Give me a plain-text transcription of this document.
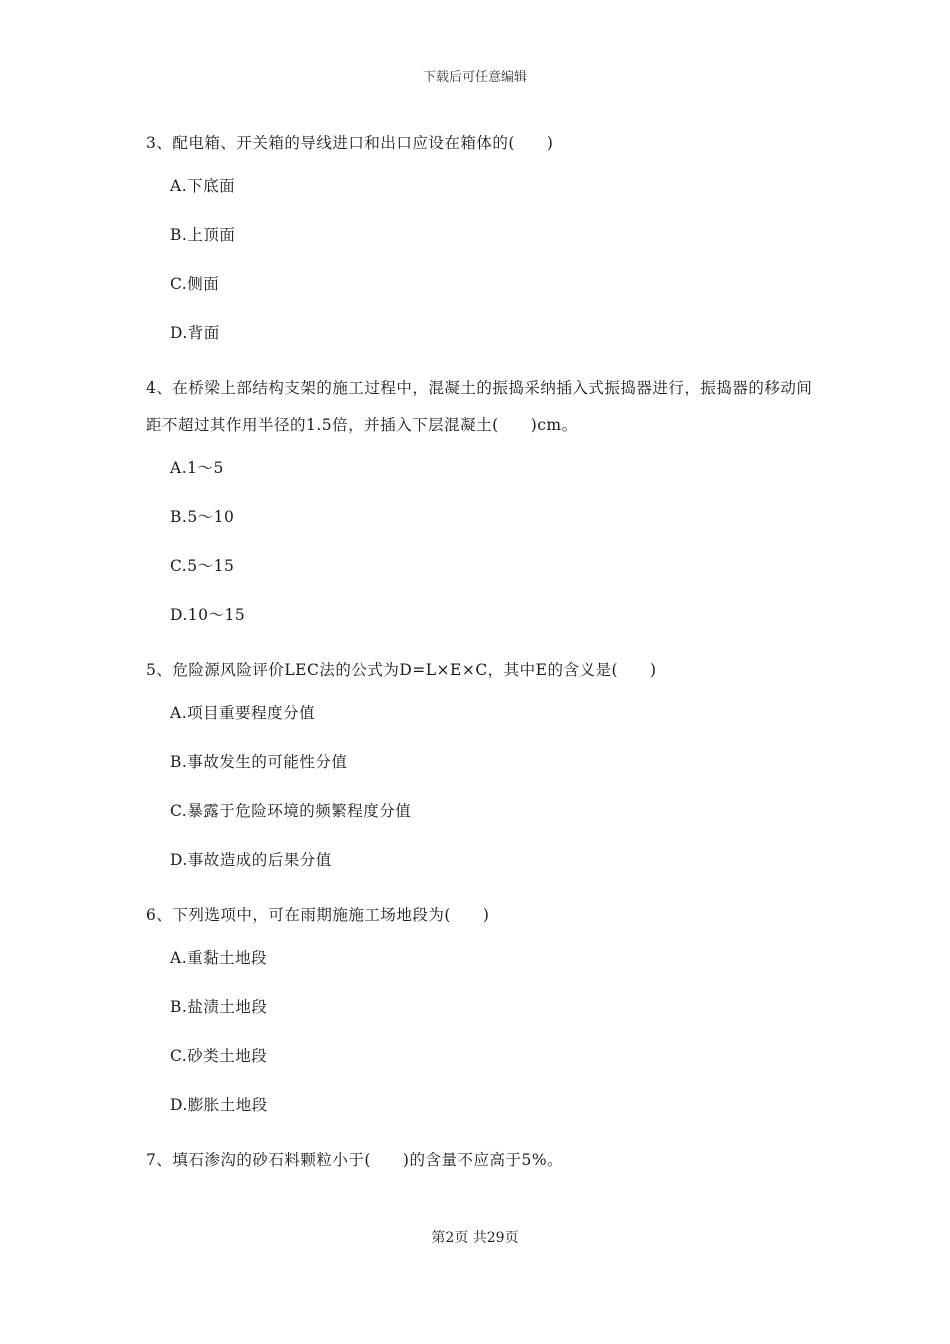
下载后可任意编辑

3、配电箱、开关箱的导线进口和出口应设在箱体的(　　)

A.下底面

B.上顶面

C.侧面

D.背面

4、在桥梁上部结构支架的施工过程中，混凝土的振捣采纳插入式振捣器进行，振捣器的移动间距不超过其作用半径的1.5倍，并插入下层混凝土(　　)cm。

A.1～5

B.5～10

C.5～15

D.10～15

5、危险源风险评价LEC法的公式为D=L×E×C，其中E的含义是(　　)

A.项目重要程度分值

B.事故发生的可能性分值

C.暴露于危险环境的频繁程度分值

D.事故造成的后果分值

6、下列选项中，可在雨期施施工场地段为(　　)

A.重黏土地段

B.盐渍土地段

C.砂类土地段

D.膨胀土地段

7、填石渗沟的砂石料颗粒小于(　　)的含量不应高于5%。

第2页 共29页
